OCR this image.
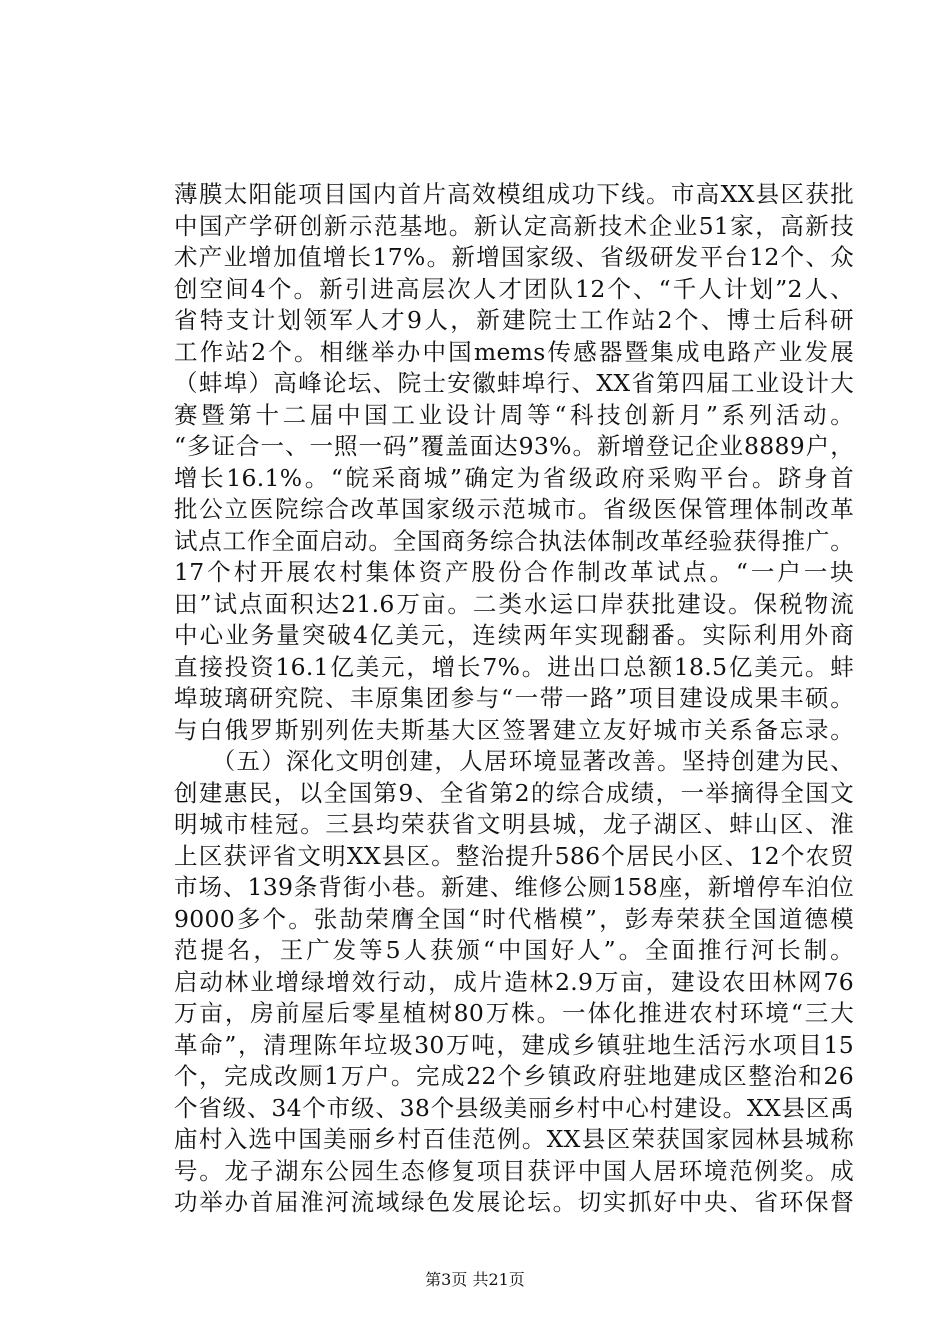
薄膜太阳能项目国内首片高效模组成功下线。市高XX县区获批
中国产学研创新示范基地。新认定高新技术企业51家，高新技
术产业增加值增长17%。新增国家级、省级研发平台12个、众
创空间4个。新引进高层次人才团队12个、“千人计划”2人、
省特支计划领军人才9人，新建院士工作站2个、博士后科研
工作站2个。相继举办中国mems传感器暨集成电路产业发展
（蚌埠）高峰论坛、院士安徽蚌埠行、XX省第四届工业设计大
赛暨第十二届中国工业设计周等“科技创新月”系列活动。
“多证合一、一照一码”覆盖面达93%。新增登记企业8889户，
增长16.1%。“皖采商城”确定为省级政府采购平台。跻身首
批公立医院综合改革国家级示范城市。省级医保管理体制改革
试点工作全面启动。全国商务综合执法体制改革经验获得推广。
17个村开展农村集体资产股份合作制改革试点。“一户一块
田”试点面积达21.6万亩。二类水运口岸获批建设。保税物流
中心业务量突破4亿美元，连续两年实现翻番。实际利用外商
直接投资16.1亿美元，增长7%。进出口总额18.5亿美元。蚌
埠玻璃研究院、丰原集团参与“一带一路”项目建设成果丰硕。
与白俄罗斯别列佐夫斯基大区签署建立友好城市关系备忘录。
　　（五）深化文明创建，人居环境显著改善。坚持创建为民、
创建惠民，以全国第9、全省第2的综合成绩，一举摘得全国文
明城市桂冠。三县均荣获省文明县城，龙子湖区、蚌山区、淮
上区获评省文明XX县区。整治提升586个居民小区、12个农贸
市场、139条背街小巷。新建、维修公厕158座，新增停车泊位
9000多个。张劼荣膺全国“时代楷模”，彭寿荣获全国道德模
范提名，王广发等5人获颁“中国好人”。全面推行河长制。
启动林业增绿增效行动，成片造林2.9万亩，建设农田林网76
万亩，房前屋后零星植树80万株。一体化推进农村环境“三大
革命”，清理陈年垃圾30万吨，建成乡镇驻地生活污水项目15
个，完成改厕1万户。完成22个乡镇政府驻地建成区整治和26
个省级、34个市级、38个县级美丽乡村中心村建设。XX县区禹
庙村入选中国美丽乡村百佳范例。XX县区荣获国家园林县城称
号。龙子湖东公园生态修复项目获评中国人居环境范例奖。成
功举办首届淮河流域绿色发展论坛。切实抓好中央、省环保督
第3页 共21页
